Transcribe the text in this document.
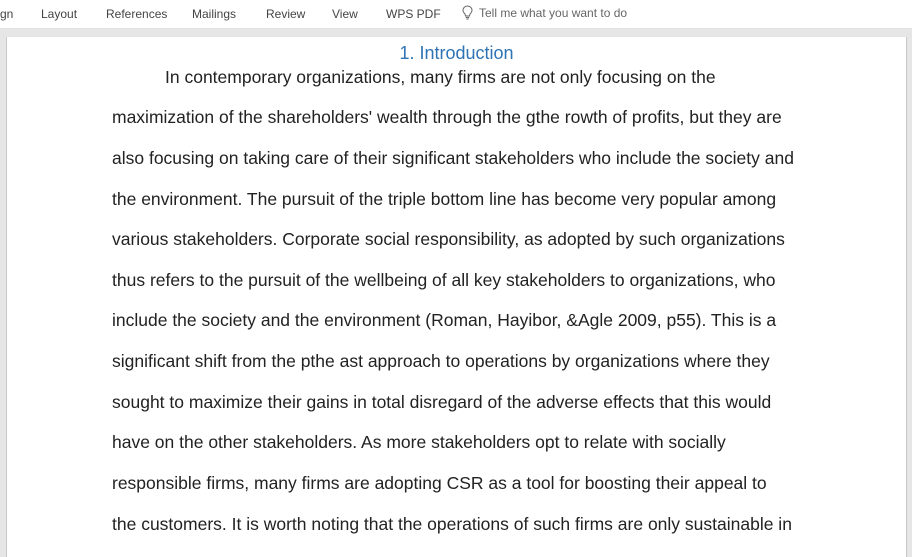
gn Layout References Mailings Review View WPS PDF	Tell me what you want to do
1. Introduction
In contemporary organizations, many firms are not only focusing on the
maximization of the shareholders' wealth through the gthe rowth of profits, but they are
also focusing on taking care of their significant stakeholders who include the society and
the environment. The pursuit of the triple bottom line has become very popular among
various stakeholders. Corporate social responsibility, as adopted by such organizations
thus refers to the pursuit of the wellbeing of all key stakeholders to organizations, who
include the society and the environment (Roman, Hayibor, &Agle 2009, p55). This is a
significant shift from the pthe ast approach to operations by organizations where they
sought to maximize their gains in total disregard of the adverse effects that this would
have on the other stakeholders. As more stakeholders opt to relate with socially
responsible firms, many firms are adopting CSR as a tool for boosting their appeal to
the customers. It is worth noting that the operations of such firms are only sustainable in
